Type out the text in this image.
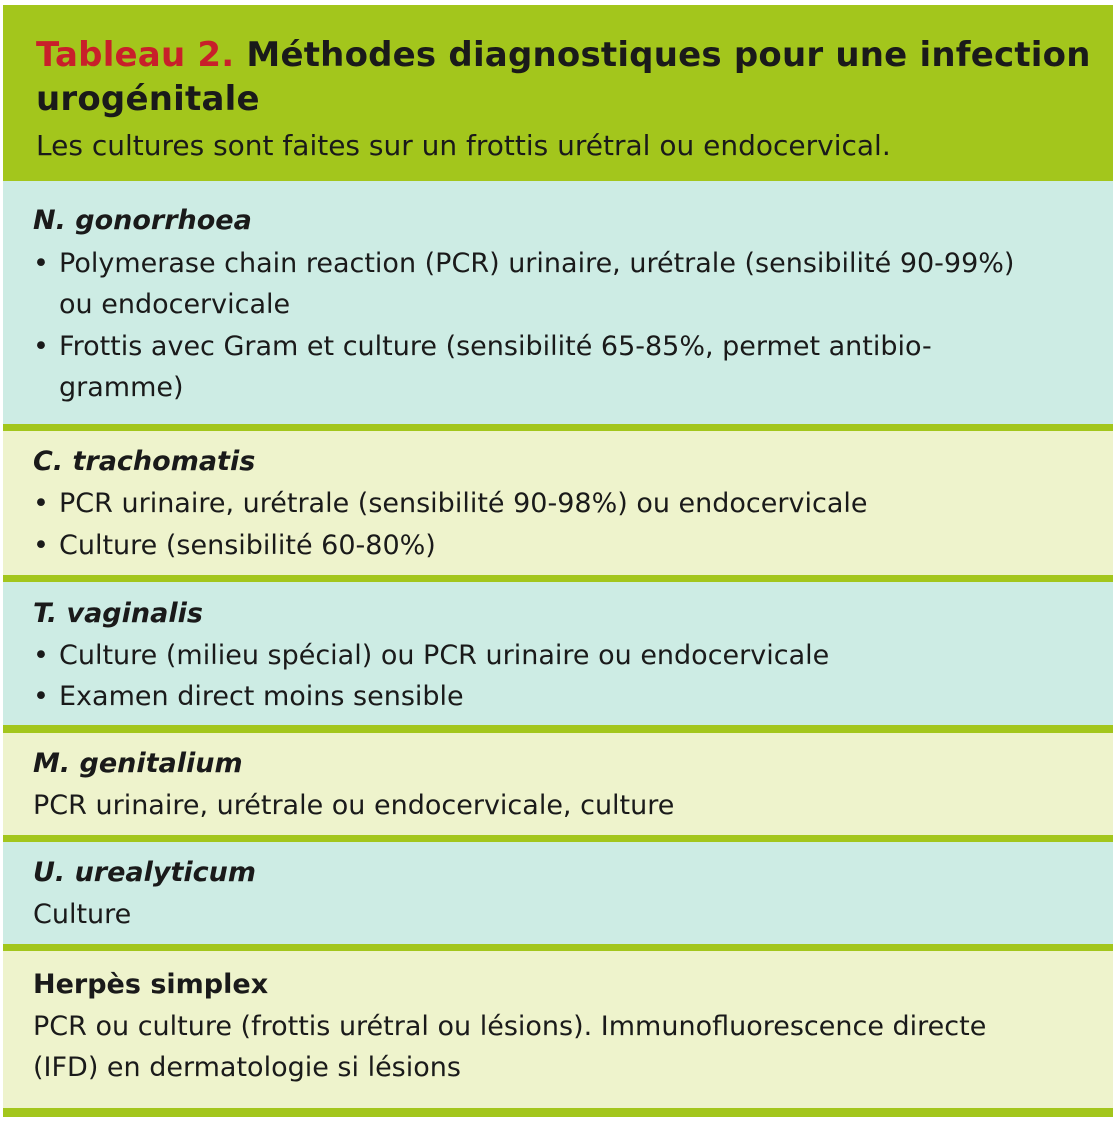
Tableau 2. Méthodes diagnostiques pour une infection urogénitale

Les cultures sont faites sur un frottis urétral ou endocervical.

N. gonorrhoea

• Polymerase chain reaction (PCR) urinaire, urétrale (sensibilité 90-99%)

ou endocervicale

• Frottis avec Gram et culture (sensibilité 65-85%, permet antibio-

gramme)

C. trachomatis

• PCR urinaire, urétrale (sensibilité 90-98%) ou endocervicale

• Culture (sensibilité 60-80%)

T. vaginalis

• Culture (milieu spécial) ou PCR urinaire ou endocervicale

• Examen direct moins sensible

M. genitalium

PCR urinaire, urétrale ou endocervicale, culture

U. urealyticum

Culture

Herpès simplex

PCR ou culture (frottis urétral ou lésions). Immunofluorescence directe

(IFD) en dermatologie si lésions
